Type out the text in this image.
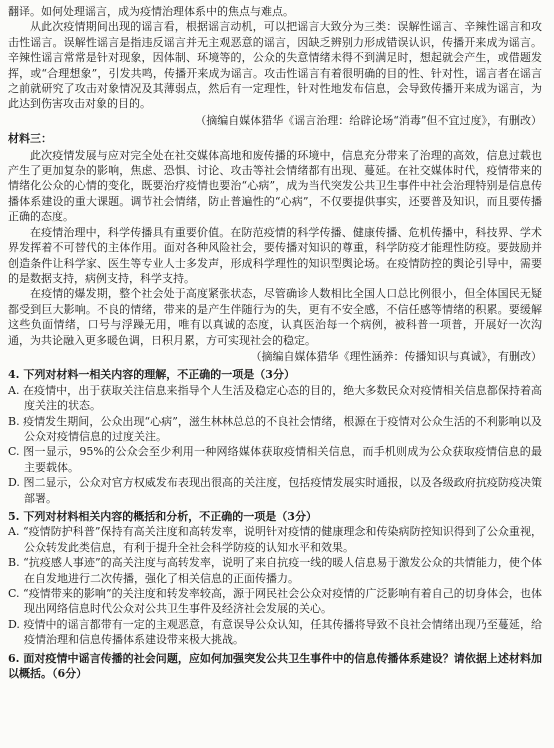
翻译。如何处理谣言，成为疫情治理体系中的焦点与难点。

从此次疫情期间出现的谣言看，根据谣言动机，可以把谣言大致分为三类：误解性谣言、辛辣性谣言和攻击性谣言。误解性谣言是指违反谣言并无主观恶意的谣言，因缺乏辨别力形成错误认识，传播开来成为谣言。辛辣性谣言常常是针对现象，因体制、环境等的，公众的失意情绪未得不到满足时，想起就会产生，或借题发挥，或“合理想象”，引发共鸣，传播开来成为谣言。攻击性谣言有着很明确的目的性、针对性，谣言者在谣言之前就研究了攻击对象情况及其薄弱点，然后有一定理性，针对性地发布信息，会导致传播开来成为谣言，为此达到伤害攻击对象的目的。

（摘编自媒体猎华《谣言治理：给辟论场“消毒”但不宜过度》，有删改）

材料三：

此次疫情发展与应对完全处在社交媒体高地和废传播的环境中，信息充分带来了治理的高效，信息过载也产生了更加复杂的影响，焦虑、恐惧、讨论、攻击等社会情绪都有出现、蔓延。在社交媒体时代，疫情带来的情绪化公众的心情的变化，既要治疗疫情也要治“心病”，成为当代突发公共卫生事件中社会治理特别是信息传播体系建设的重大课题。调节社会情绪，防止普遍性的“心病”，不仅要提供事实，还要普及知识，而且要传播正确的态度。

在疫情治理中，科学传播具有重要价值。在防范疫情的科学传播、健康传播、危机传播中，科技界、学术界发挥着不可替代的主体作用。面对各种风险社会，要传播对知识的尊重，科学防疫才能理性防疫。要鼓励并创造条件让科学家、医生等专业人士多发声，形成科学理性的知识型舆论场。在疫情防控的舆论引导中，需要的是数据支持，病例支持，科学支持。

在疫情的爆发期，整个社会处于高度紧张状态，尽管确诊人数相比全国人口总比例很小，但全体国民无疑都受到巨大影响。不良的情绪，带来的是产生伴随行为的失，更有不安全感，不信任感等情绪的积累。要缓解这些负面情绪，口号与浮躁无用，唯有以真诚的态度，认真医治每一个病例，被科普一项普，开展好一次沟通，为共论融入更多暖色调，日积月累，方可实现社会的稳定。

（摘编自媒体猎华《理性涵养：传播知识与真诚》，有删改）

4. 下列对材料一相关内容的理解，不正确的一项是（3分）

A. 在疫情中，出于获取关注信息来指导个人生活及稳定心态的目的，绝大多数民众对疫情相关信息都保持着高度关注的状态。

B. 疫情发生期间，公众出现“心病”，滋生林林总总的不良社会情绪，根源在于疫情对公众生活的不利影响以及公众对疫情信息的过度关注。

C. 图一显示，95%的公众会至少利用一种网络媒体获取疫情相关信息，而手机则成为公众获取疫情信息的最主要载体。

D. 图二显示，公众对官方权威发布表现出很高的关注度，包括疫情发展实时通报，以及各级政府抗疫防疫决策部署。

5. 下列对材料相关内容的概括和分析，不正确的一项是（3分）

A. “疫情防护科普”保持有高关注度和高转发率，说明针对疫情的健康理念和传染病防控知识得到了公众重视，公众转发此类信息，有利于提升全社会科学防疫的认知水平和效果。

B. “抗疫感人事迹”的高关注度与高转发率，说明了来自抗疫一线的暖人信息易于激发公众的共情能力，使个体在自发地进行二次传播，强化了相关信息的正面传播力。

C. “疫情带来的影响”的关注度和转发率较高，源于网民社会公众对疫情的广泛影响有着自己的切身体会，也体现出网络信息时代公众对公共卫生事件及经济社会发展的关心。

D. 疫情中的谣言都带有一定的主观恶意，有意误导公众认知，任其传播将导致不良社会情绪出现乃至蔓延，给疫情治理和信息传播体系建设带来极大挑战。

6. 面对疫情中谣言传播的社会问题，应如何加强突发公共卫生事件中的信息传播体系建设？请依据上述材料加以概括。（6分）
